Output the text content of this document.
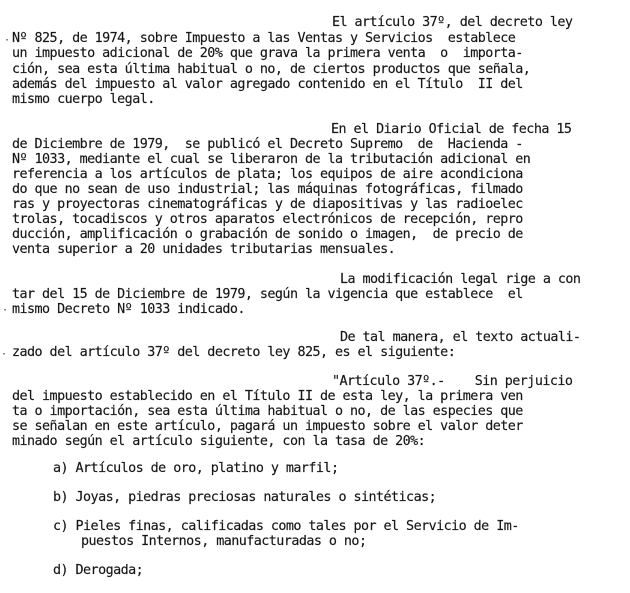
El artículo 37º, del decreto ley
· Nº 825, de 1974, sobre Impuesto a las Ventas y Servicios  establece
un impuesto adicional de 20% que grava la primera venta  o  importa-
ción, sea esta última habitual o no, de ciertos productos que señala,
además del impuesto al valor agregado contenido en el Título  II del
mismo cuerpo legal.
En el Diario Oficial de fecha 15
de Diciembre de 1979,  se publicó el Decreto Supremo  de  Hacienda -
Nº 1033, mediante el cual se liberaron de la tributación adicional en
referencia a los artículos de plata; los equipos de aire acondiciona
do que no sean de uso industrial; las máquinas fotográficas, filmado
ras y proyectoras cinematográficas y de diapositivas y las radioelec
trolas, tocadiscos y otros aparatos electrónicos de recepción, repro
ducción, amplificación o grabación de sonido o imagen,  de precio de
venta superior a 20 unidades tributarias mensuales.
La modificación legal rige a con
tar del 15 de Diciembre de 1979, según la vigencia que establece  el
· mismo Decreto Nº 1033 indicado.
De tal manera, el texto actuali-
· zado del artículo 37º del decreto ley 825, es el siguiente:
"Artículo 37º.-    Sin perjuicio
del impuesto establecido en el Título II de esta ley, la primera ven
ta o importación, sea esta última habitual o no, de las especies que
se señalan en este artículo, pagará un impuesto sobre el valor deter
minado según el artículo siguiente, con la tasa de 20%:
a) Artículos de oro, platino y marfil;
b) Joyas, piedras preciosas naturales o sintéticas;
c) Pieles finas, calificadas como tales por el Servicio de Im-
puestos Internos, manufacturadas o no;
d) Derogada;
